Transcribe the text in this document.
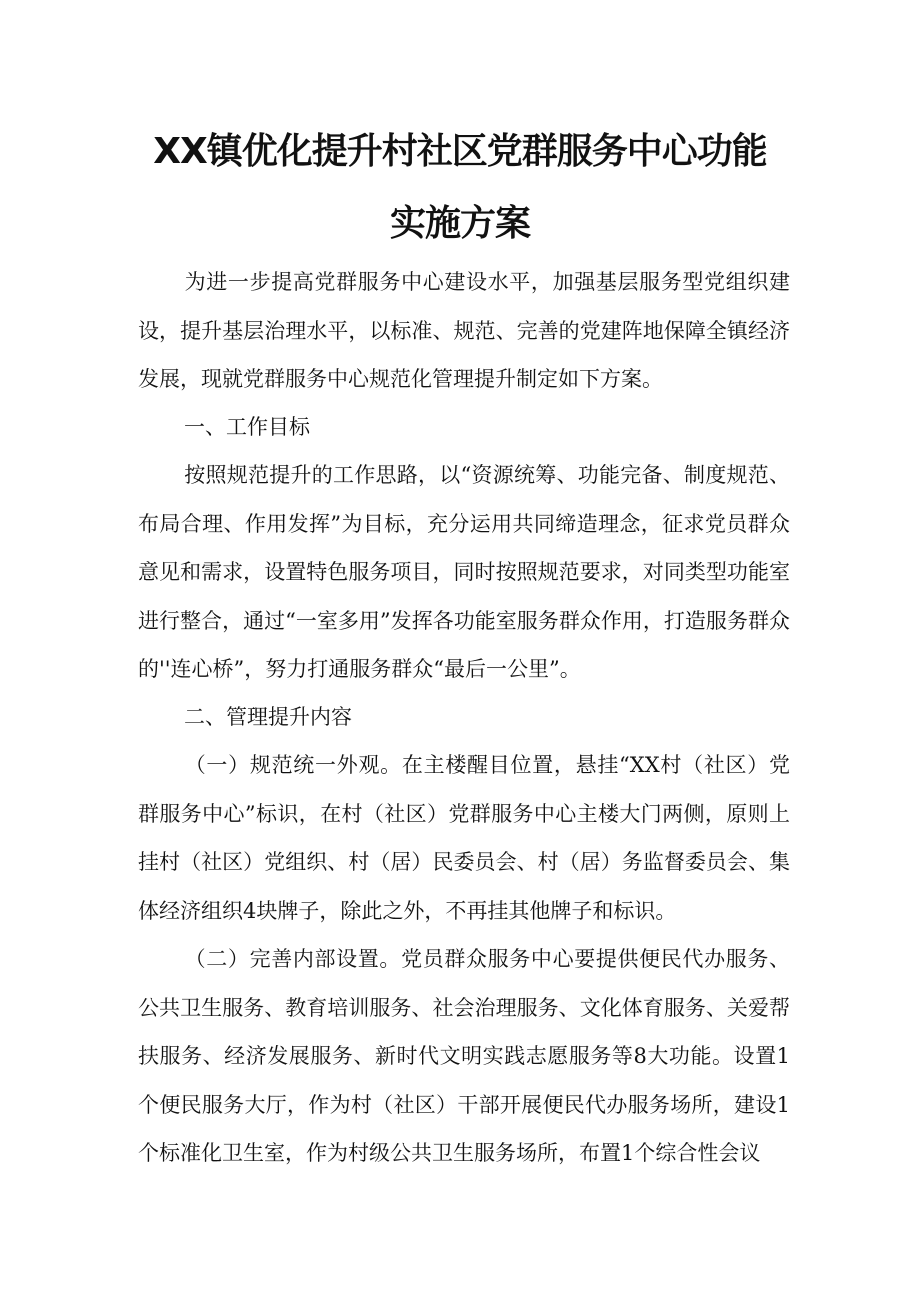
XX镇优化提升村社区党群服务中心功能
实施方案
为进一步提高党群服务中心建设水平，加强基层服务型党组织建设，提升基层治理水平，以标准、规范、完善的党建阵地保障全镇经济发展，现就党群服务中心规范化管理提升制定如下方案。
一、工作目标
按照规范提升的工作思路，以“资源统筹、功能完备、制度规范、布局合理、作用发挥”为目标，充分运用共同缔造理念，征求党员群众意见和需求，设置特色服务项目，同时按照规范要求，对同类型功能室进行整合，通过“一室多用”发挥各功能室服务群众作用，打造服务群众的''连心桥”，努力打通服务群众“最后一公里”。
二、管理提升内容
（一）规范统一外观。在主楼醒目位置，悬挂“XX村（社区）党群服务中心”标识，在村（社区）党群服务中心主楼大门两侧，原则上挂村（社区）党组织、村（居）民委员会、村（居）务监督委员会、集体经济组织4块牌子，除此之外，不再挂其他牌子和标识。
（二）完善内部设置。党员群众服务中心要提供便民代办服务、公共卫生服务、教育培训服务、社会治理服务、文化体育服务、关爱帮扶服务、经济发展服务、新时代文明实践志愿服务等8大功能。设置1个便民服务大厅，作为村（社区）干部开展便民代办服务场所，建设1个标准化卫生室，作为村级公共卫生服务场所，布置1个综合性会议
